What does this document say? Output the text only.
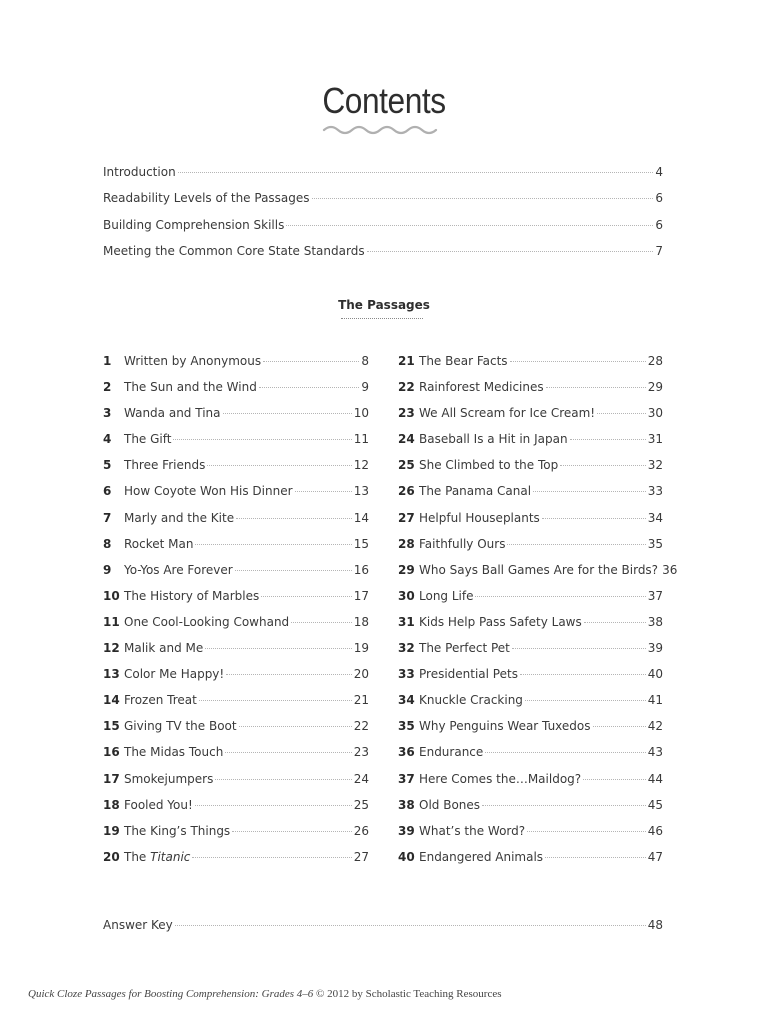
Contents
Introduction	4
Readability Levels of the Passages	6
Building Comprehension Skills	6
Meeting the Common Core State Standards	7
The Passages
1	Written by Anonymous	8
2	The Sun and the Wind	9
3	Wanda and Tina	10
4	The Gift	11
5	Three Friends	12
6	How Coyote Won His Dinner	13
7	Marly and the Kite	14
8	Rocket Man	15
9	Yo-Yos Are Forever	16
10 The History of Marbles	17
11 One Cool-Looking Cowhand	18
12 Malik and Me	19
13 Color Me Happy!	20
14 Frozen Treat	21
15 Giving TV the Boot	22
16 The Midas Touch	23
17 Smokejumpers	24
18 Fooled You!	25
19 The King’s Things	26
20 The Titanic	27
21 The Bear Facts	28
22 Rainforest Medicines	29
23 We All Scream for Ice Cream!	30
24 Baseball Is a Hit in Japan	31
25 She Climbed to the Top	32
26 The Panama Canal	33
27 Helpful Houseplants	34
28 Faithfully Ours	35
29 Who Says Ball Games Are for the Birds? 36
30 Long Life	37
31 Kids Help Pass Safety Laws	38
32 The Perfect Pet	39
33 Presidential Pets	40
34 Knuckle Cracking	41
35 Why Penguins Wear Tuxedos	42
36 Endurance	43
37 Here Comes the…Maildog?	44
38 Old Bones	45
39 What’s the Word?	46
40 Endangered Animals	47
Answer Key	48
Quick Cloze Passages for Boosting Comprehension: Grades 4–6 © 2012 by Scholastic Teaching Resources
